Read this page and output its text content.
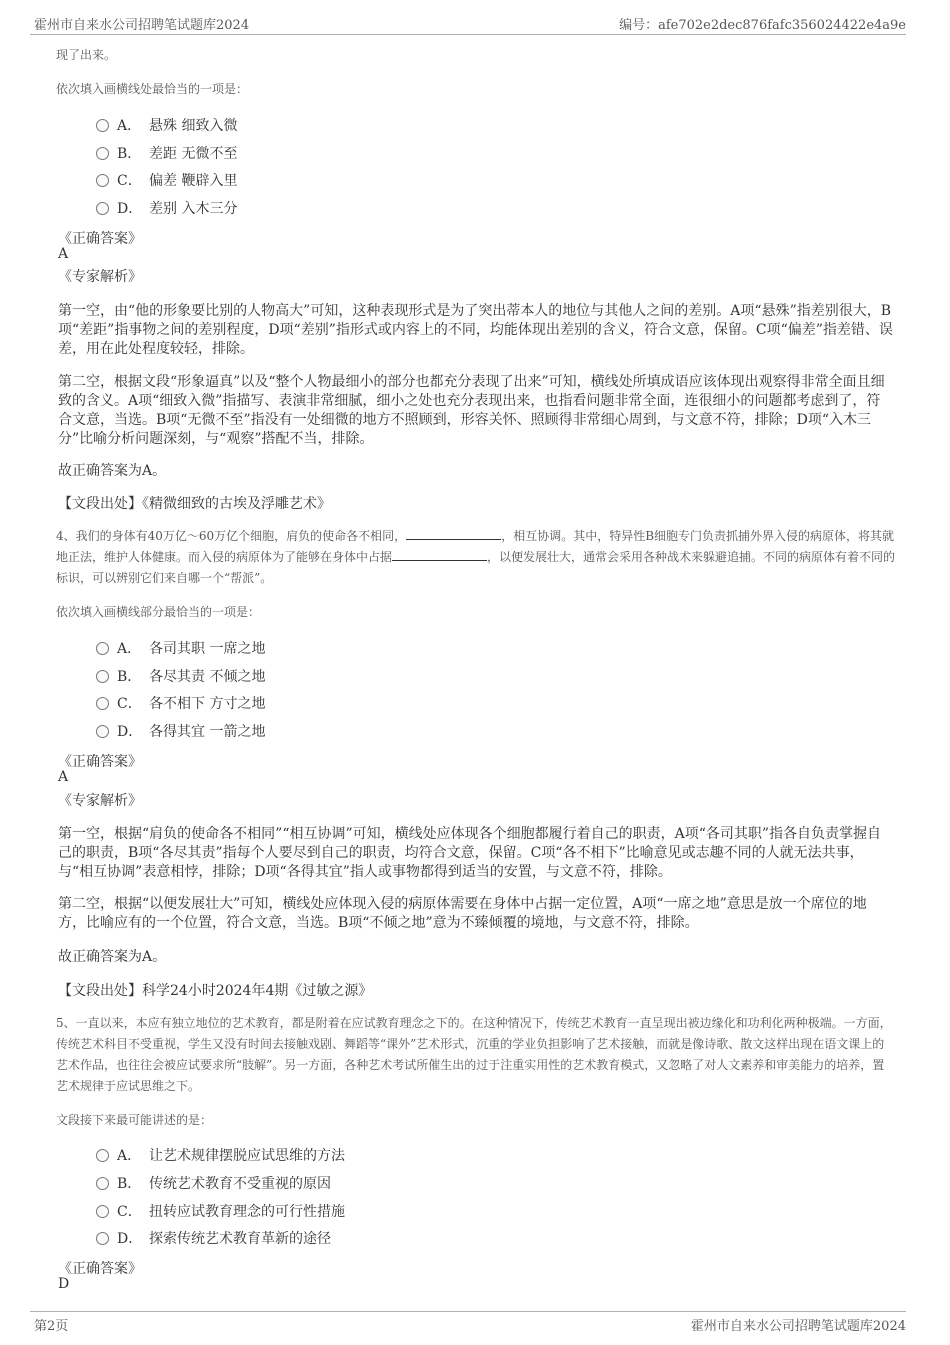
霍州市自来水公司招聘笔试题库2024	编号：afe702e2dec876fafc356024422e4a9e
现了出来。
依次填入画横线处最恰当的一项是：
A． 悬殊 细致入微
B． 差距 无微不至
C． 偏差 鞭辟入里
D． 差别 入木三分
《正确答案》
A
《专家解析》
第一空，由“他的形象要比别的人物高大”可知，这种表现形式是为了突出蒂本人的地位与其他人之间的差别。A项“悬殊”指差别很大，B项“差距”指事物之间的差别程度，D项“差别”指形式或内容上的不同，均能体现出差别的含义，符合文意，保留。C项“偏差”指差错、误差，用在此处程度较轻，排除。
第二空，根据文段“形象逼真”以及“整个人物最细小的部分也都充分表现了出来”可知，横线处所填成语应该体现出观察得非常全面且细致的含义。A项“细致入微”指描写、表演非常细腻，细小之处也充分表现出来，也指看问题非常全面，连很细小的问题都考虑到了，符合文意，当选。B项“无微不至”指没有一处细微的地方不照顾到，形容关怀、照顾得非常细心周到，与文意不符，排除；D项“入木三分”比喻分析问题深刻，与“观察”搭配不当，排除。
故正确答案为A。
【文段出处】《精微细致的古埃及浮雕艺术》
4、我们的身体有40万亿～60万亿个细胞，肩负的使命各不相同，	，相互协调。其中，特异性B细胞专门负责抓捕外界入侵的病原体，将其就地正法，维护人体健康。而入侵的病原体为了能够在身体中占据	，以便发展壮大，通常会采用各种战术来躲避追捕。不同的病原体有着不同的标识，可以辨别它们来自哪一个“帮派”。
依次填入画横线部分最恰当的一项是：
A． 各司其职 一席之地
B． 各尽其责 不倾之地
C． 各不相下 方寸之地
D． 各得其宜 一箭之地
《正确答案》
A
《专家解析》
第一空，根据“肩负的使命各不相同”“相互协调”可知，横线处应体现各个细胞都履行着自己的职责，A项“各司其职”指各自负责掌握自己的职责，B项“各尽其责”指每个人要尽到自己的职责，均符合文意，保留。C项“各不相下”比喻意见或志趣不同的人就无法共事，与“相互协调”表意相悖，排除；D项“各得其宜”指人或事物都得到适当的安置，与文意不符，排除。
第二空，根据“以便发展壮大”可知，横线处应体现入侵的病原体需要在身体中占据一定位置，A项“一席之地”意思是放一个席位的地方，比喻应有的一个位置，符合文意，当选。B项“不倾之地”意为不臻倾覆的境地，与文意不符，排除。
故正确答案为A。
【文段出处】科学24小时2024年4期《过敏之源》
5、一直以来，本应有独立地位的艺术教育，都是附着在应试教育理念之下的。在这种情况下，传统艺术教育一直呈现出被边缘化和功利化两种极端。一方面，传统艺术科目不受重视，学生又没有时间去接触戏剧、舞蹈等“课外”艺术形式，沉重的学业负担影响了艺术接触，而就是像诗歌、散文这样出现在语文课上的艺术作品，也往往会被应试要求所“肢解”。另一方面，各种艺术考试所催生出的过于注重实用性的艺术教育模式，又忽略了对人文素养和审美能力的培养，置艺术规律于应试思维之下。
文段接下来最可能讲述的是：
A． 让艺术规律摆脱应试思维的方法
B． 传统艺术教育不受重视的原因
C． 扭转应试教育理念的可行性措施
D． 探索传统艺术教育革新的途径
《正确答案》
D
第2页	霍州市自来水公司招聘笔试题库2024
